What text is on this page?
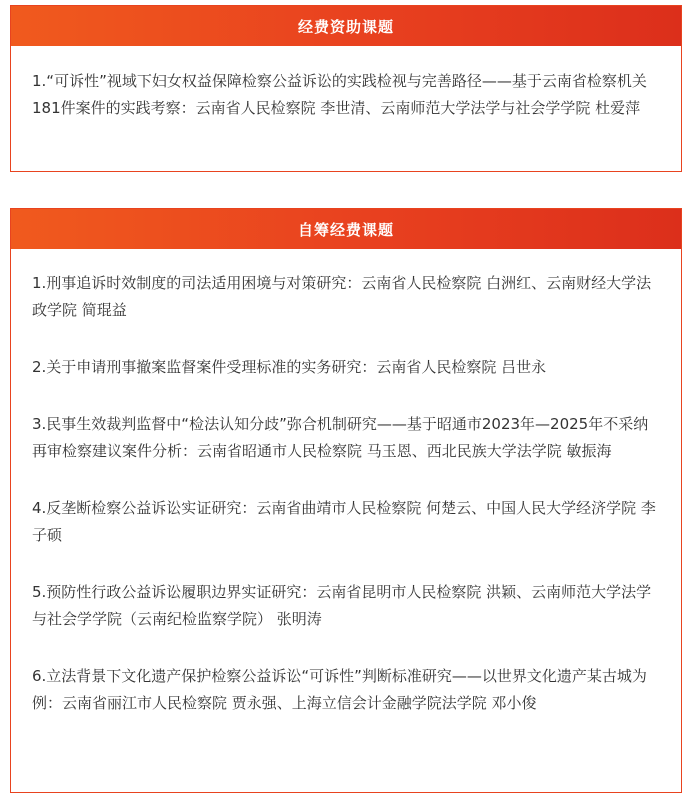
经费资助课题

1.“可诉性”视域下妇女权益保障检察公益诉讼的实践检视与完善路径——基于云南省检察机关181件案件的实践考察：云南省人民检察院 李世清、云南师范大学法学与社会学学院 杜爱萍

自筹经费课题

1.刑事追诉时效制度的司法适用困境与对策研究：云南省人民检察院 白洲红、云南财经大学法政学院 简琨益

2.关于申请刑事撤案监督案件受理标准的实务研究：云南省人民检察院 吕世永

3.民事生效裁判监督中“检法认知分歧”弥合机制研究——基于昭通市2023年—2025年不采纳再审检察建议案件分析：云南省昭通市人民检察院 马玉恩、西北民族大学法学院 敏振海

4.反垄断检察公益诉讼实证研究：云南省曲靖市人民检察院 何楚云、中国人民大学经济学院 李子硕

5.预防性行政公益诉讼履职边界实证研究：云南省昆明市人民检察院 洪颖、云南师范大学法学与社会学学院（云南纪检监察学院） 张明涛

6.立法背景下文化遗产保护检察公益诉讼“可诉性”判断标准研究——以世界文化遗产某古城为例：云南省丽江市人民检察院 贾永强、上海立信会计金融学院法学院 邓小俊
